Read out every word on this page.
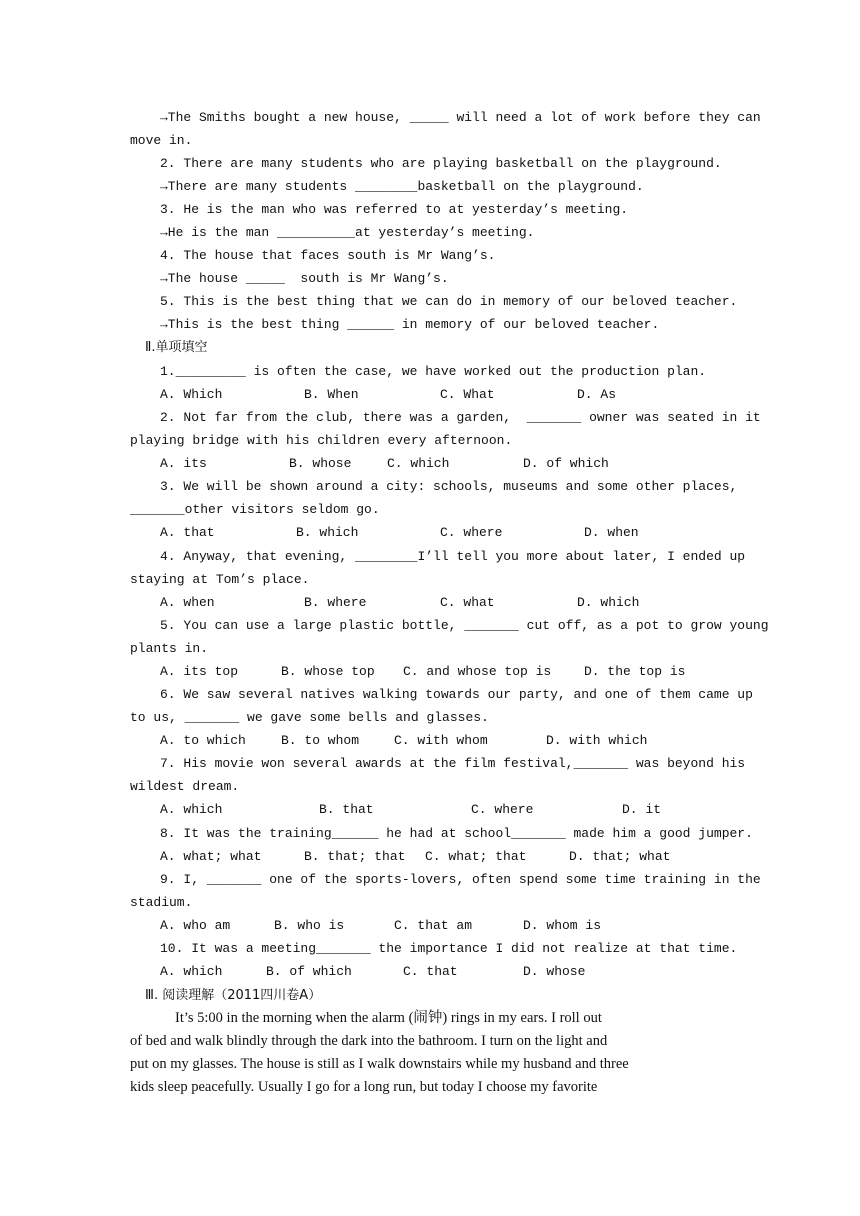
→The Smiths bought a new house, _____ will need a lot of work before they can
move in.
2. There are many students who are playing basketball on the playground.
→There are many students ________basketball on the playground.
3. He is the man who was referred to at yesterday’s meeting.
→He is the man __________at yesterday’s meeting.
4. The house that faces south is Mr Wang’s.
→The house _____  south is Mr Wang’s.
5. This is the best thing that we can do in memory of our beloved teacher.
→This is the best thing ______ in memory of our beloved teacher.
Ⅱ.单项填空
1._________ is often the case, we have worked out the production plan.
A. Which	B. When	C. What	D. As
2. Not far from the club, there was a garden,  _______ owner was seated in it
playing bridge with his children every afternoon.
A. its	B. whose	C. which	D. of which
3. We will be shown around a city: schools, museums and some other places,
_______other visitors seldom go.
A. that	B. which	C. where	D. when
4. Anyway, that evening, ________I’ll tell you more about later, I ended up
staying at Tom’s place.
A. when	B. where	C. what	D. which
5. You can use a large plastic bottle, _______ cut off, as a pot to grow young
plants in.
A. its top	B. whose top C. and whose top is	D. the top is
6. We saw several natives walking towards our party, and one of them came up
to us, _______ we gave some bells and glasses.
A. to which	B. to whom	C. with whom	D. with which
7. His movie won several awards at the film festival,_______ was beyond his
wildest dream.
A. which	B. that	C. where	D. it
8. It was the training______ he had at school_______ made him a good jumper.
A. what; what	B. that; that C. what; that	D. that; what
9. I, _______ one of the sports-lovers, often spend some time training in the
stadium.
A. who am	B. who is	C. that am	D. whom is
10. It was a meeting_______ the importance I did not realize at that time.
A. which	B. of which	C. that	D. whose
Ⅲ. 阅读理解（2011四川卷A）
It’s 5:00 in the morning when the alarm (闹钟) rings in my ears. I roll out
of bed and walk blindly through the dark into the bathroom. I turn on the light and
put on my glasses. The house is still as I walk downstairs while my husband and three
kids sleep peacefully. Usually I go for a long run, but today I choose my favorite
